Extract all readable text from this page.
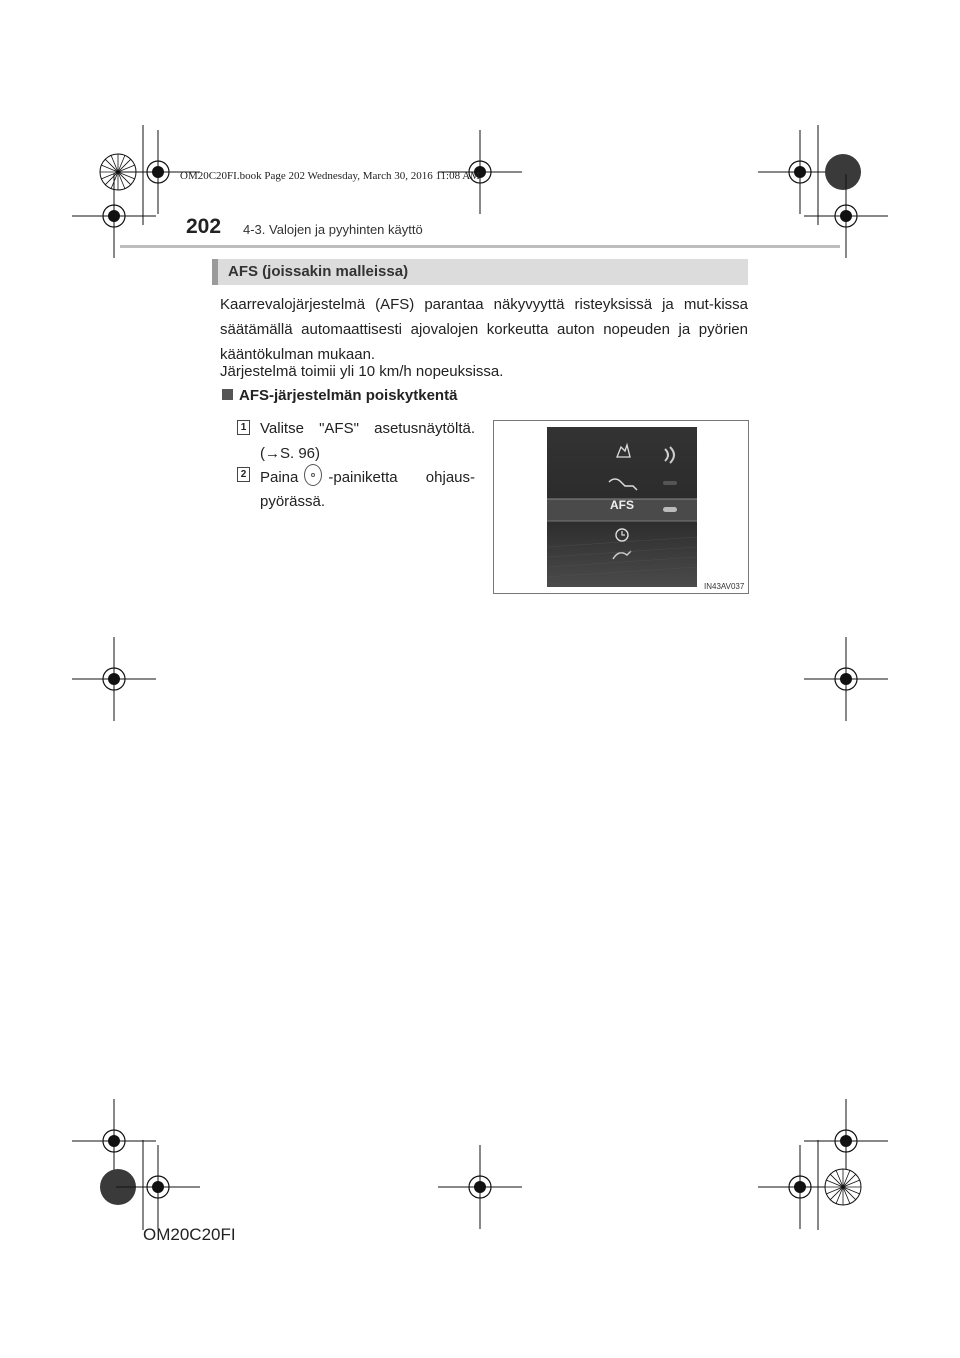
OM20C20FI.book Page 202 Wednesday, March 30, 2016 11:08 AM
202 4-3. Valojen ja pyyhinten käyttö
AFS (joissakin malleissa)
Kaarrevalojärjestelmä (AFS) parantaa näkyvyyttä risteyksissä ja mut-kissa säätämällä automaattisesti ajovalojen korkeutta auton nopeuden ja pyörien kääntökulman mukaan.
Järjestelmä toimii yli 10 km/h nopeuksissa.
AFS-järjestelmän poiskytkentä
1 Valitse "AFS" asetusnäytöltä.
(→S. 96)
2 Paina -painiketta ohjaus-
pyörässä.	AFS
IN43AV037
OM20C20FI
